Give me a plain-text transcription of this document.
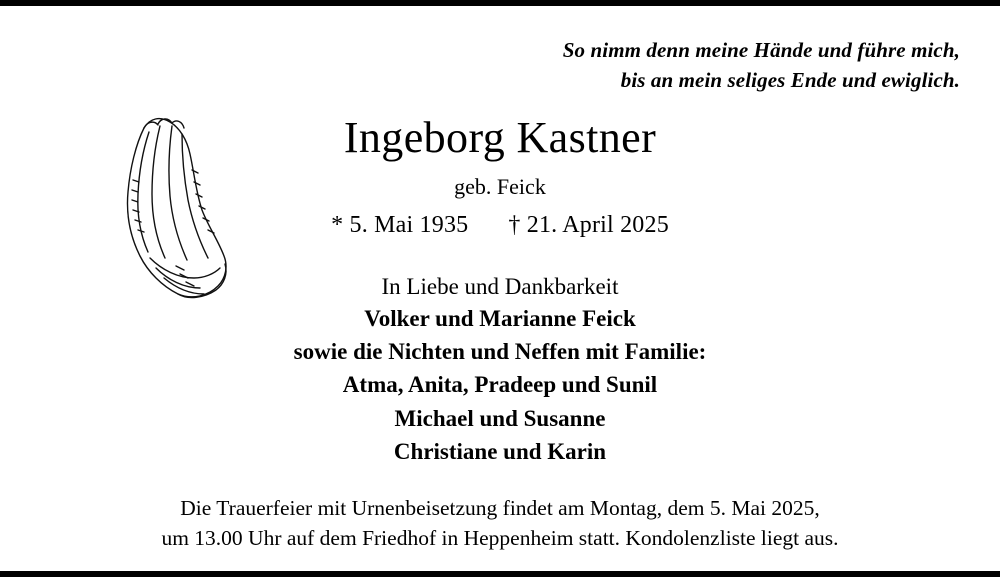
So nimm denn meine Hände und führe mich,
bis an mein seliges Ende und ewiglich.
Ingeborg Kastner
geb. Feick
* 5. Mai 1935 † 21. April 2025
In Liebe und Dankbarkeit
Volker und Marianne Feick
sowie die Nichten und Neffen mit Familie:
Atma, Anita, Pradeep und Sunil
Michael und Susanne
Christiane und Karin
Die Trauerfeier mit Urnenbeisetzung findet am Montag, dem 5. Mai 2025,
um 13.00 Uhr auf dem Friedhof in Heppenheim statt. Kondolenzliste liegt aus.
